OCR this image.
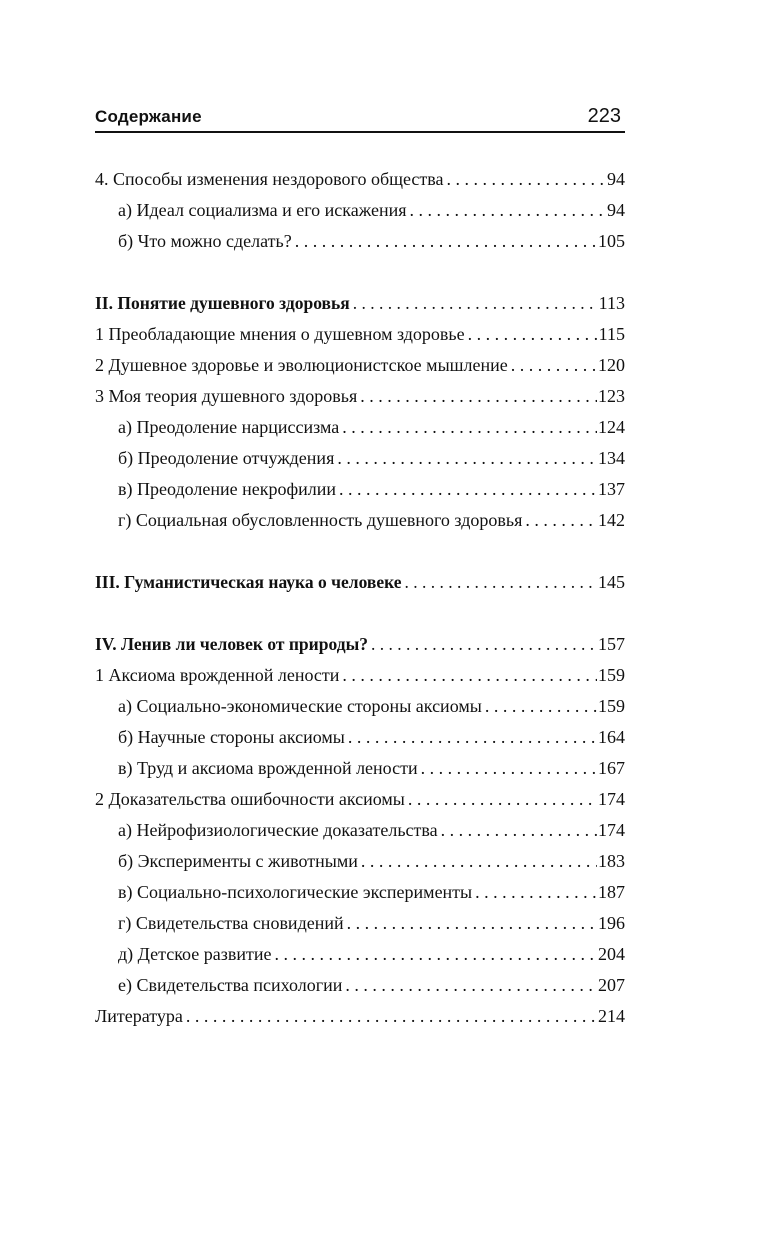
Содержание	223
4. Способы изменения нездорового общества . . .	94
а) Идеал социализма и его искажения . . .	94
б) Что можно сделать? . . .	105
II. Понятие душевного здоровья . . .	113
1 Преобладающие мнения о душевном здоровье . . .	115
2 Душевное здоровье и эволюционистское мышление . . .	120
3 Моя теория душевного здоровья . . .	123
а) Преодоление нарциссизма . . .	124
б) Преодоление отчуждения . . .	134
в) Преодоление некрофилии . . .	137
г) Социальная обусловленность душевного здоровья . . .	142
III. Гуманистическая наука о человеке . . .	145
IV. Ленив ли человек от природы? . . .	157
1 Аксиома врожденной лености . . .	159
а) Социально-экономические стороны аксиомы . . .	159
б) Научные стороны аксиомы . . .	164
в) Труд и аксиома врожденной лености . . .	167
2 Доказательства ошибочности аксиомы . . .	174
а) Нейрофизиологические доказательства . . .	174
б) Эксперименты с животными . . .	183
в) Социально-психологические эксперименты . . .	187
г) Свидетельства сновидений . . .	196
д) Детское развитие . . .	204
е) Свидетельства психологии . . .	207
Литература . . .	214
